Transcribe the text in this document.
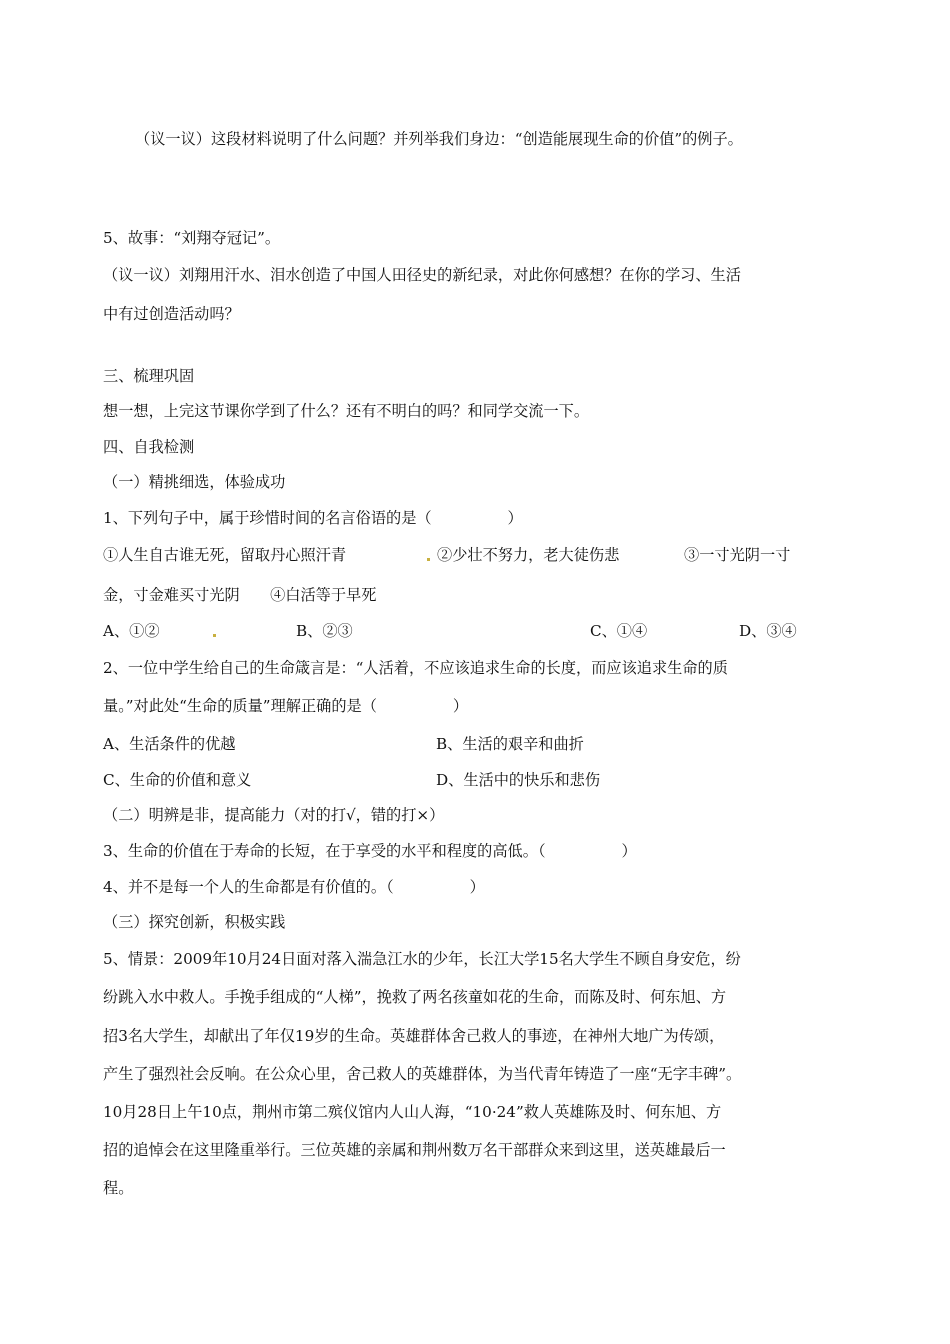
（议一议）这段材料说明了什么问题？并列举我们身边：“创造能展现生命的价值”的例子。

5、故事：“刘翔夺冠记”。

（议一议）刘翔用汗水、泪水创造了中国人田径史的新纪录，对此你何感想？在你的学习、生活

中有过创造活动吗？

三、梳理巩固

想一想，上完这节课你学到了什么？还有不明白的吗？和同学交流一下。

四、自我检测

（一）精挑细选，体验成功

1、下列句子中，属于珍惜时间的名言俗语的是（　　　　　）

①人生自古谁无死，留取丹心照汗青	②少壮不努力，老大徒伤悲	③一寸光阴一寸

金，寸金难买寸光阴　　④白活等于早死

A、①②	B、②③	C、①④	D、③④

2、一位中学生给自己的生命箴言是：“人活着，不应该追求生命的长度，而应该追求生命的质

量。”对此处“生命的质量”理解正确的是（　　　　　）

A、生活条件的优越	B、生活的艰辛和曲折
C、生命的价值和意义	D、生活中的快乐和悲伤

（二）明辨是非，提高能力（对的打√，错的打×）

3、生命的价值在于寿命的长短，在于享受的水平和程度的高低。（　　　　　）

4、并不是每一个人的生命都是有价值的。（　　　　　）

（三）探究创新，积极实践

5、情景：2009年10月24日面对落入湍急江水的少年，长江大学15名大学生不顾自身安危，纷

纷跳入水中救人。手挽手组成的“人梯”，挽救了两名孩童如花的生命，而陈及时、何东旭、方

招3名大学生，却献出了年仅19岁的生命。英雄群体舍己救人的事迹，在神州大地广为传颂，

产生了强烈社会反响。在公众心里，舍己救人的英雄群体，为当代青年铸造了一座“无字丰碑”。

10月28日上午10点，荆州市第二殡仪馆内人山人海，“10·24”救人英雄陈及时、何东旭、方

招的追悼会在这里隆重举行。三位英雄的亲属和荆州数万名干部群众来到这里，送英雄最后一

程。
